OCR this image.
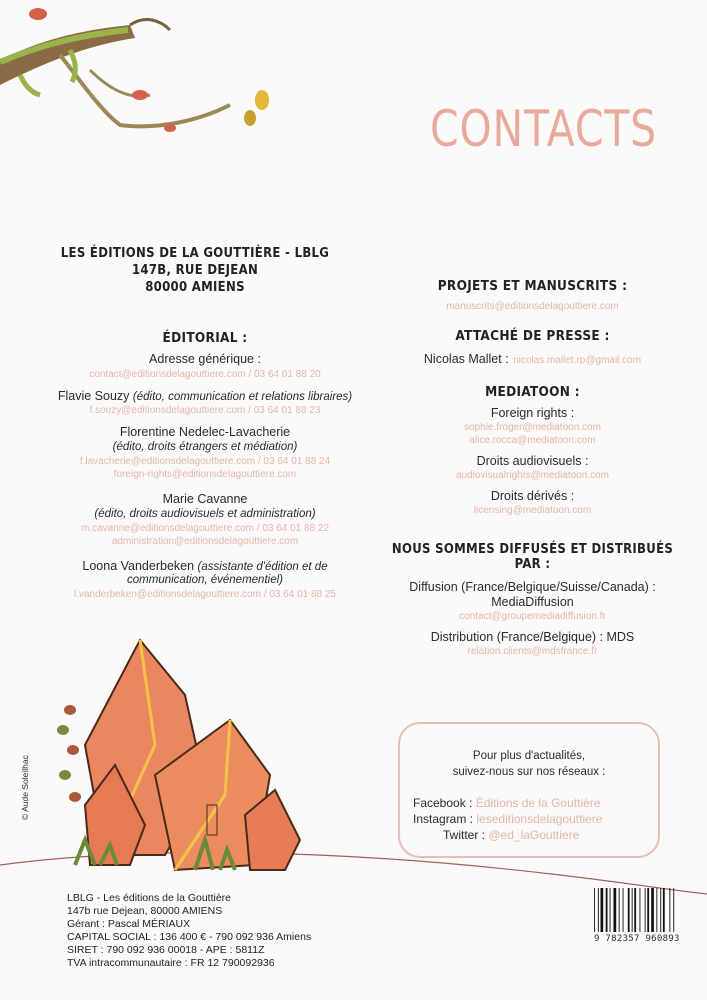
CONTACTS
LES ÉDITIONS DE LA GOUTTIÈRE - LBLG
147B, RUE DEJEAN
80000 AMIENS
ÉDITORIAL :
Adresse générique :
contact@editionsdelagouttiere.com / 03 64 01 88 20
Flavie Souzy (édito, communication et relations libraires)
f.souzy@editionsdelagouttiere.com / 03 64 01 88 23
Florentine Nedelec-Lavacherie
(édito, droits étrangers et médiation)
f.lavacherie@editionsdelagouttiere.com / 03 64 01 88 24
foreign-rights@editionsdelagouttiere.com
Marie Cavanne
(édito, droits audiovisuels et administration)
m.cavanne@editionsdelagouttiere.com / 03 64 01 88 22
administration@editionsdelagouttiere.com
Loona Vanderbeken (assistante d'édition et de
communication, événementiel)
l.vanderbeken@editionsdelagouttiere.com / 03 64 01 88 25
PROJETS ET MANUSCRITS :
manuscrits@editionsdelagouttiere.com
ATTACHÉ DE PRESSE :
Nicolas Mallet : nicolas.mallet.rp@gmail.com
MEDIATOON :
Foreign rights :
sophie.froger@mediatoon.com
alice.rocca@mediatoon.com
Droits audiovisuels :
audiovisualrights@mediatoon.com
Droits dérivés :
licensing@mediatoon.com
NOUS SOMMES DIFFUSÉS ET DISTRIBUÉS PAR :
Diffusion (France/Belgique/Suisse/Canada) :
MediaDiffusion
contact@groupemediadiffusion.fr
Distribution (France/Belgique) : MDS
relation.clients@mdsfrance.fr
Pour plus d'actualités,
suivez-nous sur nos réseaux :
Facebook : Éditions de la Gouttière
Instagram : leseditionsdelagouttiere
Twitter : @ed_laGouttiere
© Aude Soleilhac
LBLG - Les éditions de la Gouttière
147b rue Dejean, 80000 AMIENS
Gérant : Pascal MÉRIAUX
CAPITAL SOCIAL : 136 400 € - 790 092 936 Amiens
SIRET : 790 092 936 00018 - APE : 5811Z
TVA intracommunautaire : FR 12 790092936
9 782357 960893
